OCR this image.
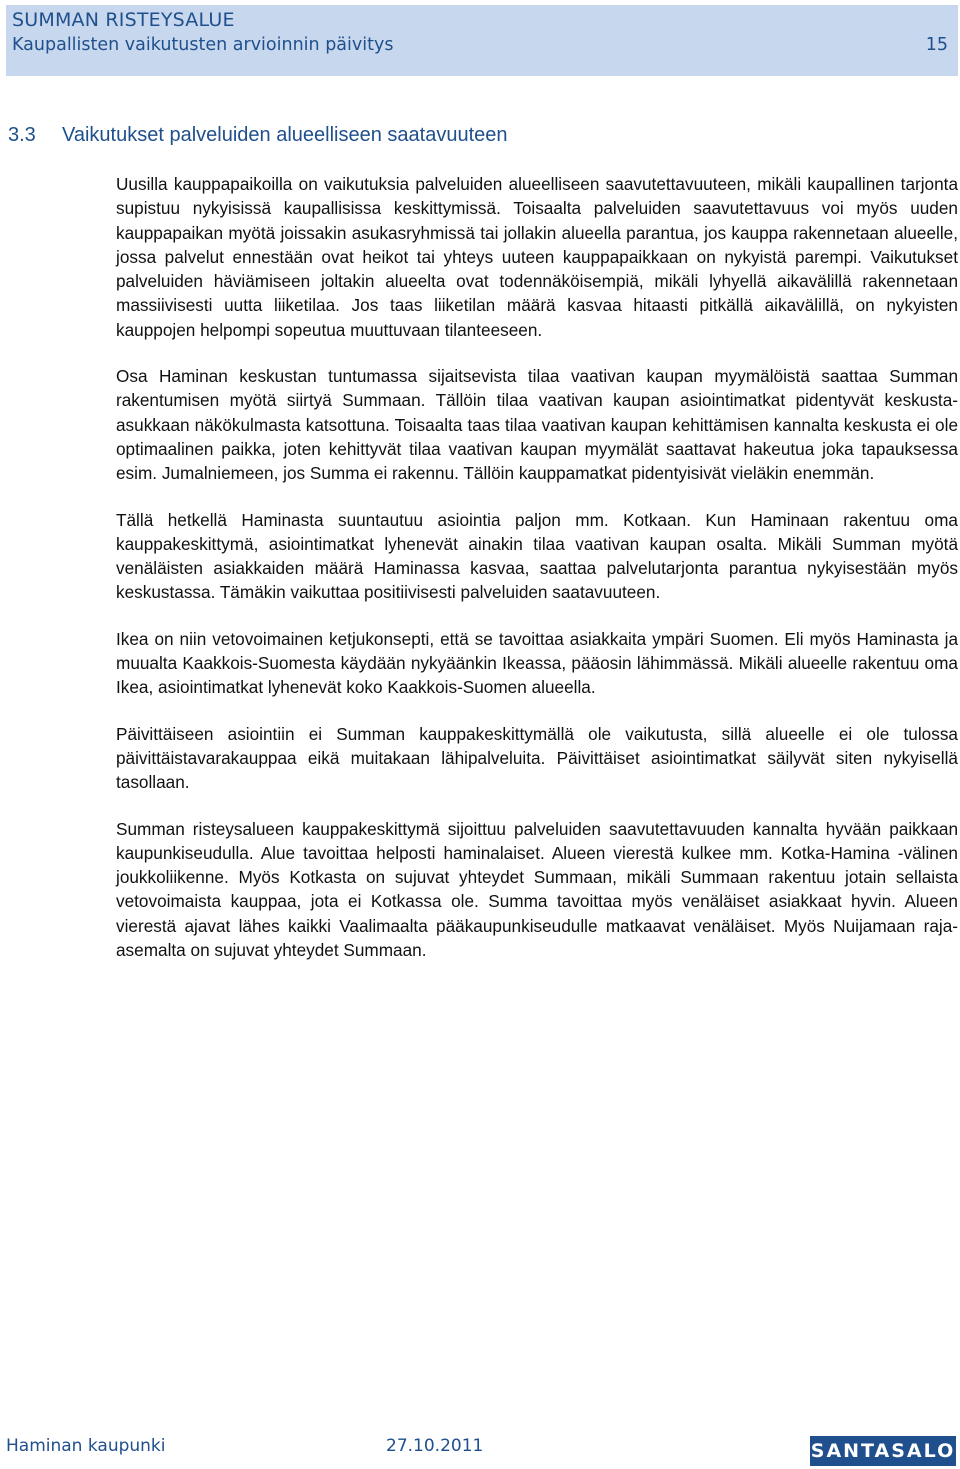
SUMMAN RISTEYSALUE
Kaupallisten vaikutusten arvioinnin päivitys	15
3.3 Vaikutukset palveluiden alueelliseen saatavuuteen

Uusilla kauppapaikoilla on vaikutuksia palveluiden alueelliseen saavutettavuuteen, mikäli kaupallinen tarjonta supistuu nykyisissä kaupallisissa keskittymissä. Toisaalta palveluiden saavutettavuus voi myös uuden kauppapaikan myötä joissakin asukasryhmissä tai jollakin alueella parantua, jos kauppa rakennetaan alueelle, jossa palvelut ennestään ovat heikot tai yhteys uuteen kauppapaikkaan on nykyistä parempi. Vaikutukset palveluiden häviämiseen joltakin alueelta ovat todennäköisempiä, mikäli lyhyellä aikavälillä rakennetaan massiivisesti uutta liiketilaa. Jos taas liiketilan määrä kasvaa hitaasti pitkällä aikavälillä, on nykyisten kauppojen helpompi sopeutua muuttuvaan tilanteeseen.

Osa Haminan keskustan tuntumassa sijaitsevista tilaa vaativan kaupan myymälöistä saattaa Summan rakentumisen myötä siirtyä Summaan. Tällöin tilaa vaativan kaupan asiointimatkat pidentyvät keskusta-asukkaan näkökulmasta katsottuna. Toisaalta taas tilaa vaativan kaupan kehittämisen kannalta keskusta ei ole optimaalinen paikka, joten kehittyvät tilaa vaativan kaupan myymälät saattavat hakeutua joka tapauksessa esim. Jumalniemeen, jos Summa ei rakennu. Tällöin kauppamatkat pidentyisivät vieläkin enemmän.

Tällä hetkellä Haminasta suuntautuu asiointia paljon mm. Kotkaan. Kun Haminaan rakentuu oma kauppakeskittymä, asiointimatkat lyhenevät ainakin tilaa vaativan kaupan osalta. Mikäli Summan myötä venäläisten asiakkaiden määrä Haminassa kasvaa, saattaa palvelutarjonta parantua nykyisestään myös keskustassa. Tämäkin vaikuttaa positiivisesti palveluiden saatavuuteen.

Ikea on niin vetovoimainen ketjukonsepti, että se tavoittaa asiakkaita ympäri Suomen. Eli myös Haminasta ja muualta Kaakkois-Suomesta käydään nykyäänkin Ikeassa, pääosin lähimmässä. Mikäli alueelle rakentuu oma Ikea, asiointimatkat lyhenevät koko Kaakkois-Suomen alueella.

Päivittäiseen asiointiin ei Summan kauppakeskittymällä ole vaikutusta, sillä alueelle ei ole tulossa päivittäistavarakauppaa eikä muitakaan lähipalveluita. Päivittäiset asiointimatkat säilyvät siten nykyisellä tasollaan.

Summan risteysalueen kauppakeskittymä sijoittuu palveluiden saavutettavuuden kannalta hyvään paikkaan kaupunkiseudulla. Alue tavoittaa helposti haminalaiset. Alueen vierestä kulkee mm. Kotka-Hamina -välinen joukkoliikenne. Myös Kotkasta on sujuvat yhteydet Summaan, mikäli Summaan rakentuu jotain sellaista vetovoimaista kauppaa, jota ei Kotkassa ole. Summa tavoittaa myös venäläiset asiakkaat hyvin. Alueen vierestä ajavat lähes kaikki Vaalimaalta pääkaupunkiseudulle matkaavat venäläiset. Myös Nuijamaan raja-asemalta on sujuvat yhteydet Summaan.

Haminan kaupunki	27.10.2011	SANTASALO
